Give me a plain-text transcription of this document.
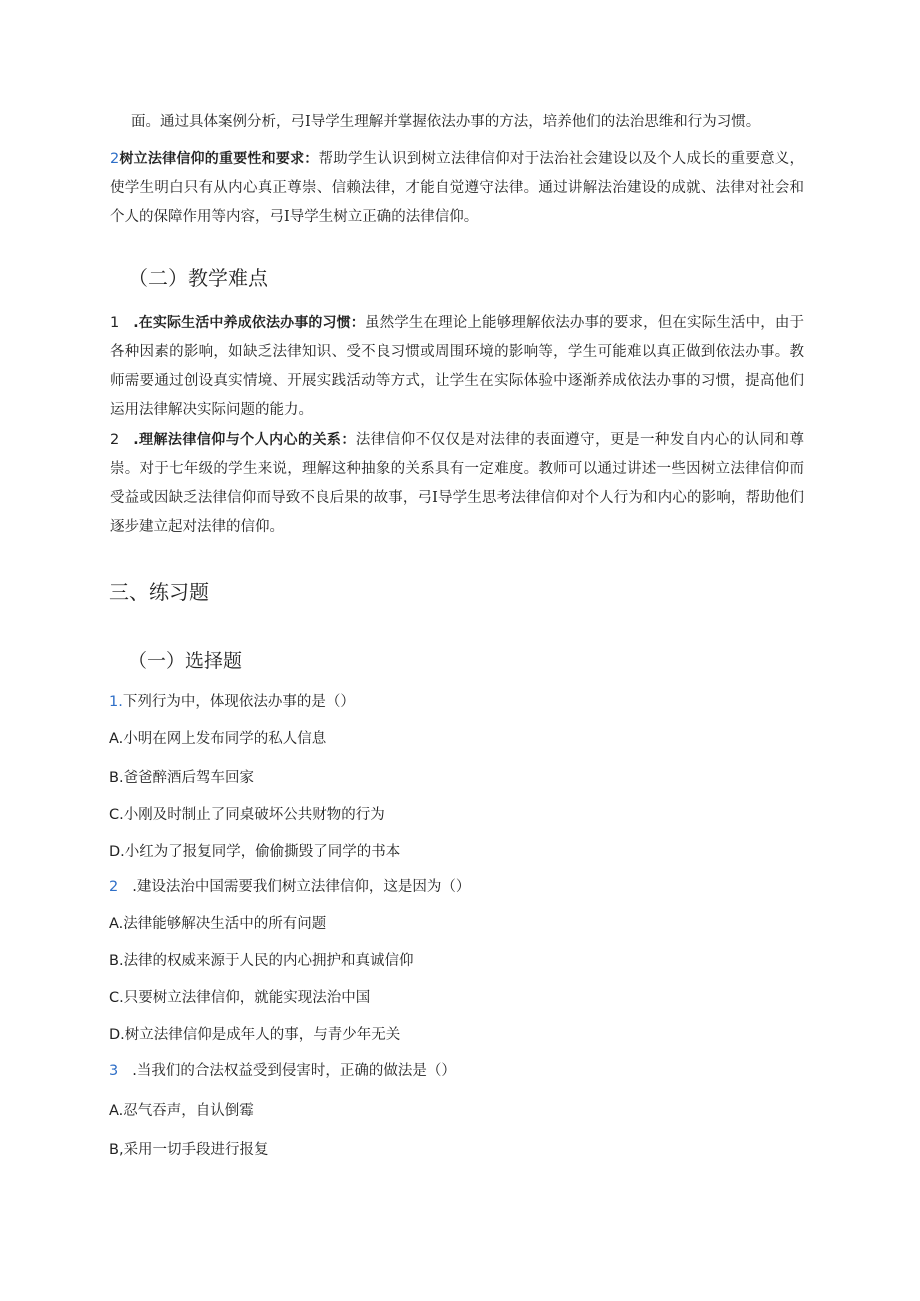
面。通过具体案例分析，弓I导学生理解并掌握依法办事的方法，培养他们的法治思维和行为习惯。

2树立法律信仰的重要性和要求：帮助学生认识到树立法律信仰对于法治社会建设以及个人成长的重要意义，使学生明白只有从内心真正尊崇、信赖法律，才能自觉遵守法律。通过讲解法治建设的成就、法律对社会和个人的保障作用等内容，弓I导学生树立正确的法律信仰。
（二）教学难点
1 .在实际生活中养成依法办事的习惯：虽然学生在理论上能够理解依法办事的要求，但在实际生活中，由于各种因素的影响，如缺乏法律知识、受不良习惯或周围环境的影响等，学生可能难以真正做到依法办事。教师需要通过创设真实情境、开展实践活动等方式，让学生在实际体验中逐渐养成依法办事的习惯，提高他们运用法律解决实际问题的能力。
2 .理解法律信仰与个人内心的关系：法律信仰不仅仅是对法律的表面遵守，更是一种发自内心的认同和尊崇。对于七年级的学生来说，理解这种抽象的关系具有一定难度。教师可以通过讲述一些因树立法律信仰而受益或因缺乏法律信仰而导致不良后果的故事，弓I导学生思考法律信仰对个人行为和内心的影响，帮助他们逐步建立起对法律的信仰。
三、练习题
（一）选择题

1.下列行为中，体现依法办事的是（）

A.小明在网上发布同学的私人信息

B.爸爸醉酒后驾车回家

C.小刚及时制止了同桌破坏公共财物的行为

D.小红为了报复同学，偷偷撕毁了同学的书本

2 .建设法治中国需要我们树立法律信仰，这是因为（）

A.法律能够解决生活中的所有问题

B.法律的权威来源于人民的内心拥护和真诚信仰

C.只要树立法律信仰，就能实现法治中国

D.树立法律信仰是成年人的事，与青少年无关

3 .当我们的合法权益受到侵害时，正确的做法是（）

A.忍气吞声，自认倒霉

B,采用一切手段进行报复
